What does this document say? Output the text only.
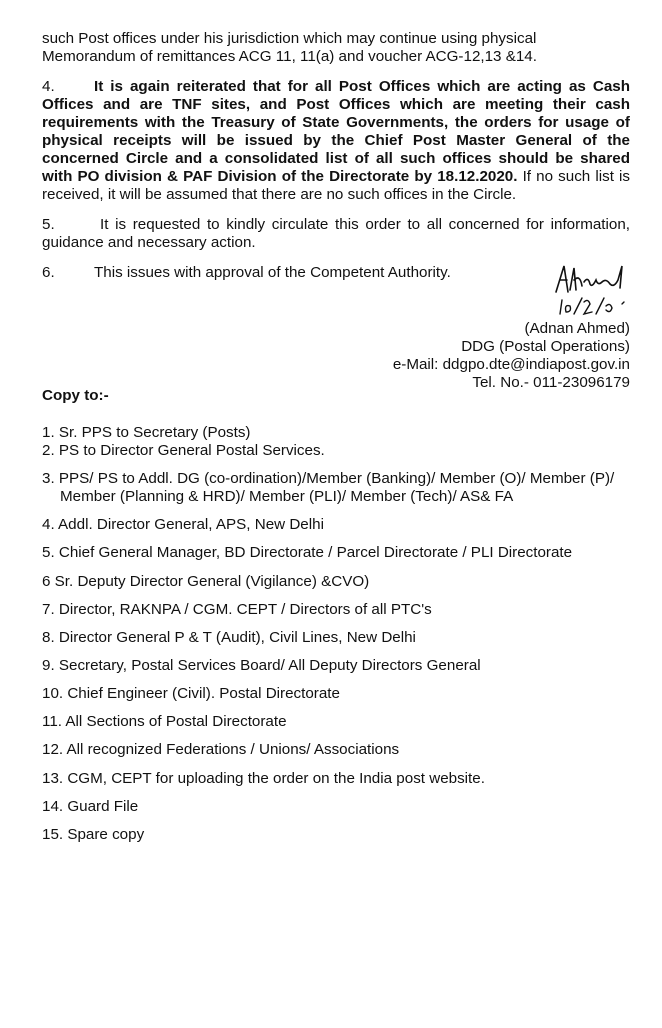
such Post offices under his jurisdiction which may continue using physical
Memorandum of remittances ACG 11, 11(a) and voucher ACG-12,13 &14.

4.	It is again reiterated that for all Post Offices which are acting as Cash Offices and are TNF sites, and Post Offices which are meeting their cash requirements with the Treasury of State Governments, the orders for usage of physical receipts will be issued by the Chief Post Master General of the concerned Circle and a consolidated list of all such offices should be shared with PO division & PAF Division of the Directorate by 18.12.2020. If no such list is received, it will be assumed that there are no such offices in the Circle.

5.	It is requested to kindly circulate this order to all concerned for information, guidance and necessary action.

6.	This issues with approval of the Competent Authority.

(Adnan Ahmed)
DDG (Postal Operations)
e-Mail: ddgpo.dte@indiapost.gov.in
Tel. No.- 011-23096179
Copy to:-
1. Sr. PPS to Secretary (Posts)
2. PS to Director General Postal Services.
3. PPS/ PS to Addl. DG (co-ordination)/Member (Banking)/ Member (O)/ Member (P)/
Member (Planning & HRD)/ Member (PLI)/ Member (Tech)/ AS& FA
4. Addl. Director General, APS, New Delhi
5. Chief General Manager, BD Directorate / Parcel Directorate / PLI Directorate
6 Sr. Deputy Director General (Vigilance) &CVO)
7. Director, RAKNPA / CGM. CEPT / Directors of all PTC's
8. Director General P & T (Audit), Civil Lines, New Delhi
9. Secretary, Postal Services Board/ All Deputy Directors General
10. Chief Engineer (Civil). Postal Directorate
11. All Sections of Postal Directorate
12. All recognized Federations / Unions/ Associations
13. CGM, CEPT for uploading the order on the India post website.
14. Guard File
15. Spare copy
